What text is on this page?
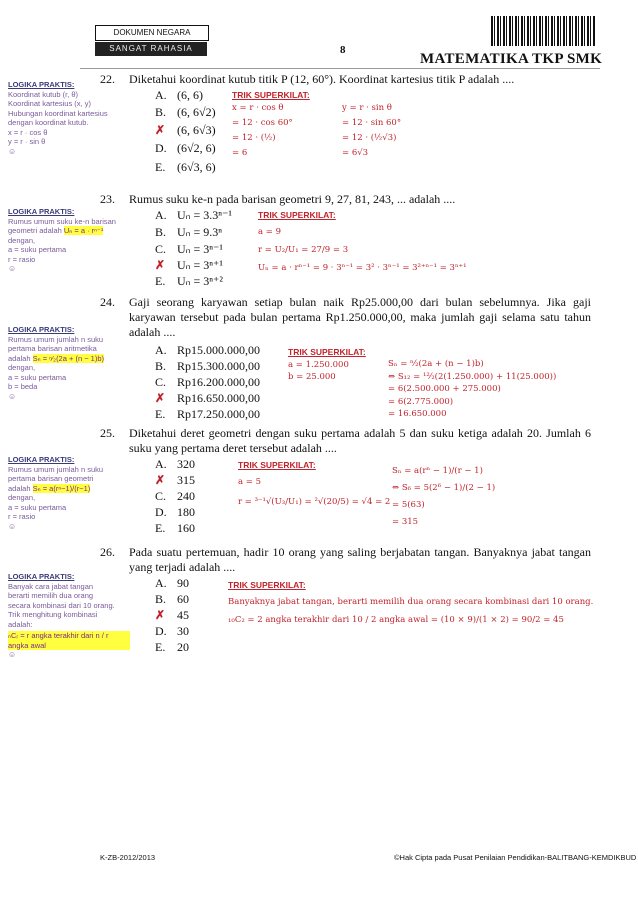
DOKUMEN NEGARA
SANGAT RAHASIA	8
MATEMATIKA TKP SMK
LOGIKA PRAKTIS:
Koordinat kutub (r, θ)
Koordinat kartesius (x, y)
Hubungan koordinat kartesius
dengan koordinat kutub.
x = r · cos θ
y = r · sin θ
☺
22. Diketahui koordinat kutub titik P (12, 60°). Koordinat kartesius titik P adalah ....
A. (6, 6)
B. (6, 6√2)
✗ (6, 6√3)
D. (6√2, 6)
E. (6√3, 6)
TRIK SUPERKILAT:
x = r · cos θ
= 12 · cos 60°
= 12 · (½)
= 6
y = r · sin θ
= 12 · sin 60°
= 12 · (½√3)
= 6√3
LOGIKA PRAKTIS:
Rumus umum suku ke-n barisan
geometri adalah Uₙ = a · rⁿ⁻¹
dengan,
a = suku pertama
r = rasio
☺
23. Rumus suku ke-n pada barisan geometri 9, 27, 81, 243, ... adalah ....
A. Uₙ = 3.3ⁿ⁻¹
B. Uₙ = 9.3ⁿ
C. Uₙ = 3ⁿ⁻¹
✗ Uₙ = 3ⁿ⁺¹
E. Uₙ = 3ⁿ⁺²
TRIK SUPERKILAT:
a = 9
r = U₂/U₁ = 27/9 = 3
Uₙ = a · rⁿ⁻¹ = 9 · 3ⁿ⁻¹ = 3² · 3ⁿ⁻¹ = 3²⁺ⁿ⁻¹ = 3ⁿ⁺¹
LOGIKA PRAKTIS:
Rumus umum jumlah n suku
pertama barisan aritmetika
adalah Sₙ = ⁿ⁄₂(2a + (n − 1)b)
dengan,
a = suku pertama
b = beda
☺
24. Gaji seorang karyawan setiap bulan naik Rp25.000,00 dari bulan sebelumnya. Jika gaji karyawan tersebut pada bulan pertama Rp1.250.000,00, maka jumlah gaji selama satu tahun adalah ....
A. Rp15.000.000,00
B. Rp15.300.000,00
C. Rp16.200.000,00
✗ Rp16.650.000,00
E. Rp17.250.000,00
TRIK SUPERKILAT:
a = 1.250.000
b = 25.000
Sₙ = ⁿ⁄₂(2a + (n − 1)b)
⇔ S₁₂ = ¹²⁄₂(2(1.250.000) + 11(25.000))
= 6(2.500.000 + 275.000)
= 6(2.775.000)
= 16.650.000
LOGIKA PRAKTIS:
Rumus umum jumlah n suku
pertama barisan geometri
adalah Sₙ = a(rⁿ−1)/(r−1)
dengan,
a = suku pertama
r = rasio
☺
25. Diketahui deret geometri dengan suku pertama adalah 5 dan suku ketiga adalah 20. Jumlah 6 suku yang pertama deret tersebut adalah ....
A. 320
✗ 315
C. 240
D. 180
E. 160
TRIK SUPERKILAT:
a = 5
r = ³⁻¹√(U₃/U₁) = ²√(20/5) = √4 = 2
Sₙ = a(rⁿ − 1)/(r − 1)
⇔ S₆ = 5(2⁶ − 1)/(2 − 1)
= 5(63)
= 315
LOGIKA PRAKTIS:
Banyak cara jabat tangan
berarti memilih dua orang
secara kombinasi dari 10 orang.
Trik menghitung kombinasi
adalah:
ₙCᵣ = r angka terakhir dari n / r angka awal
☺
26. Pada suatu pertemuan, hadir 10 orang yang saling berjabatan tangan. Banyaknya jabat tangan yang terjadi adalah ....
A. 90
B. 60
✗ 45
D. 30
E. 20
TRIK SUPERKILAT:
Banyaknya jabat tangan, berarti memilih dua orang secara kombinasi dari 10 orang.
₁₀C₂ = 2 angka terakhir dari 10 / 2 angka awal = (10 × 9)/(1 × 2) = 90/2 = 45
K-ZB-2012/2013	©Hak Cipta pada Pusat Penilaian Pendidikan-BALITBANG-KEMDIKBUD
